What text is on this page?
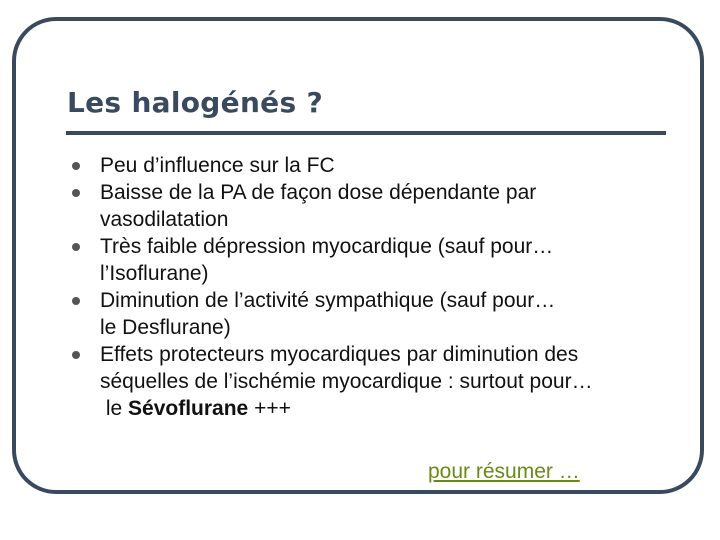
Les halogénés ?
Peu d’influence sur la FC
Baisse de la PA de façon dose dépendante par
vasodilatation
Très faible dépression myocardique (sauf pour…
l’Isoflurane)
Diminution de l’activité sympathique (sauf pour…
le Desflurane)
Effets protecteurs myocardiques par diminution des
séquelles de l’ischémie myocardique : surtout pour…
le Sévoflurane +++
pour résumer …
